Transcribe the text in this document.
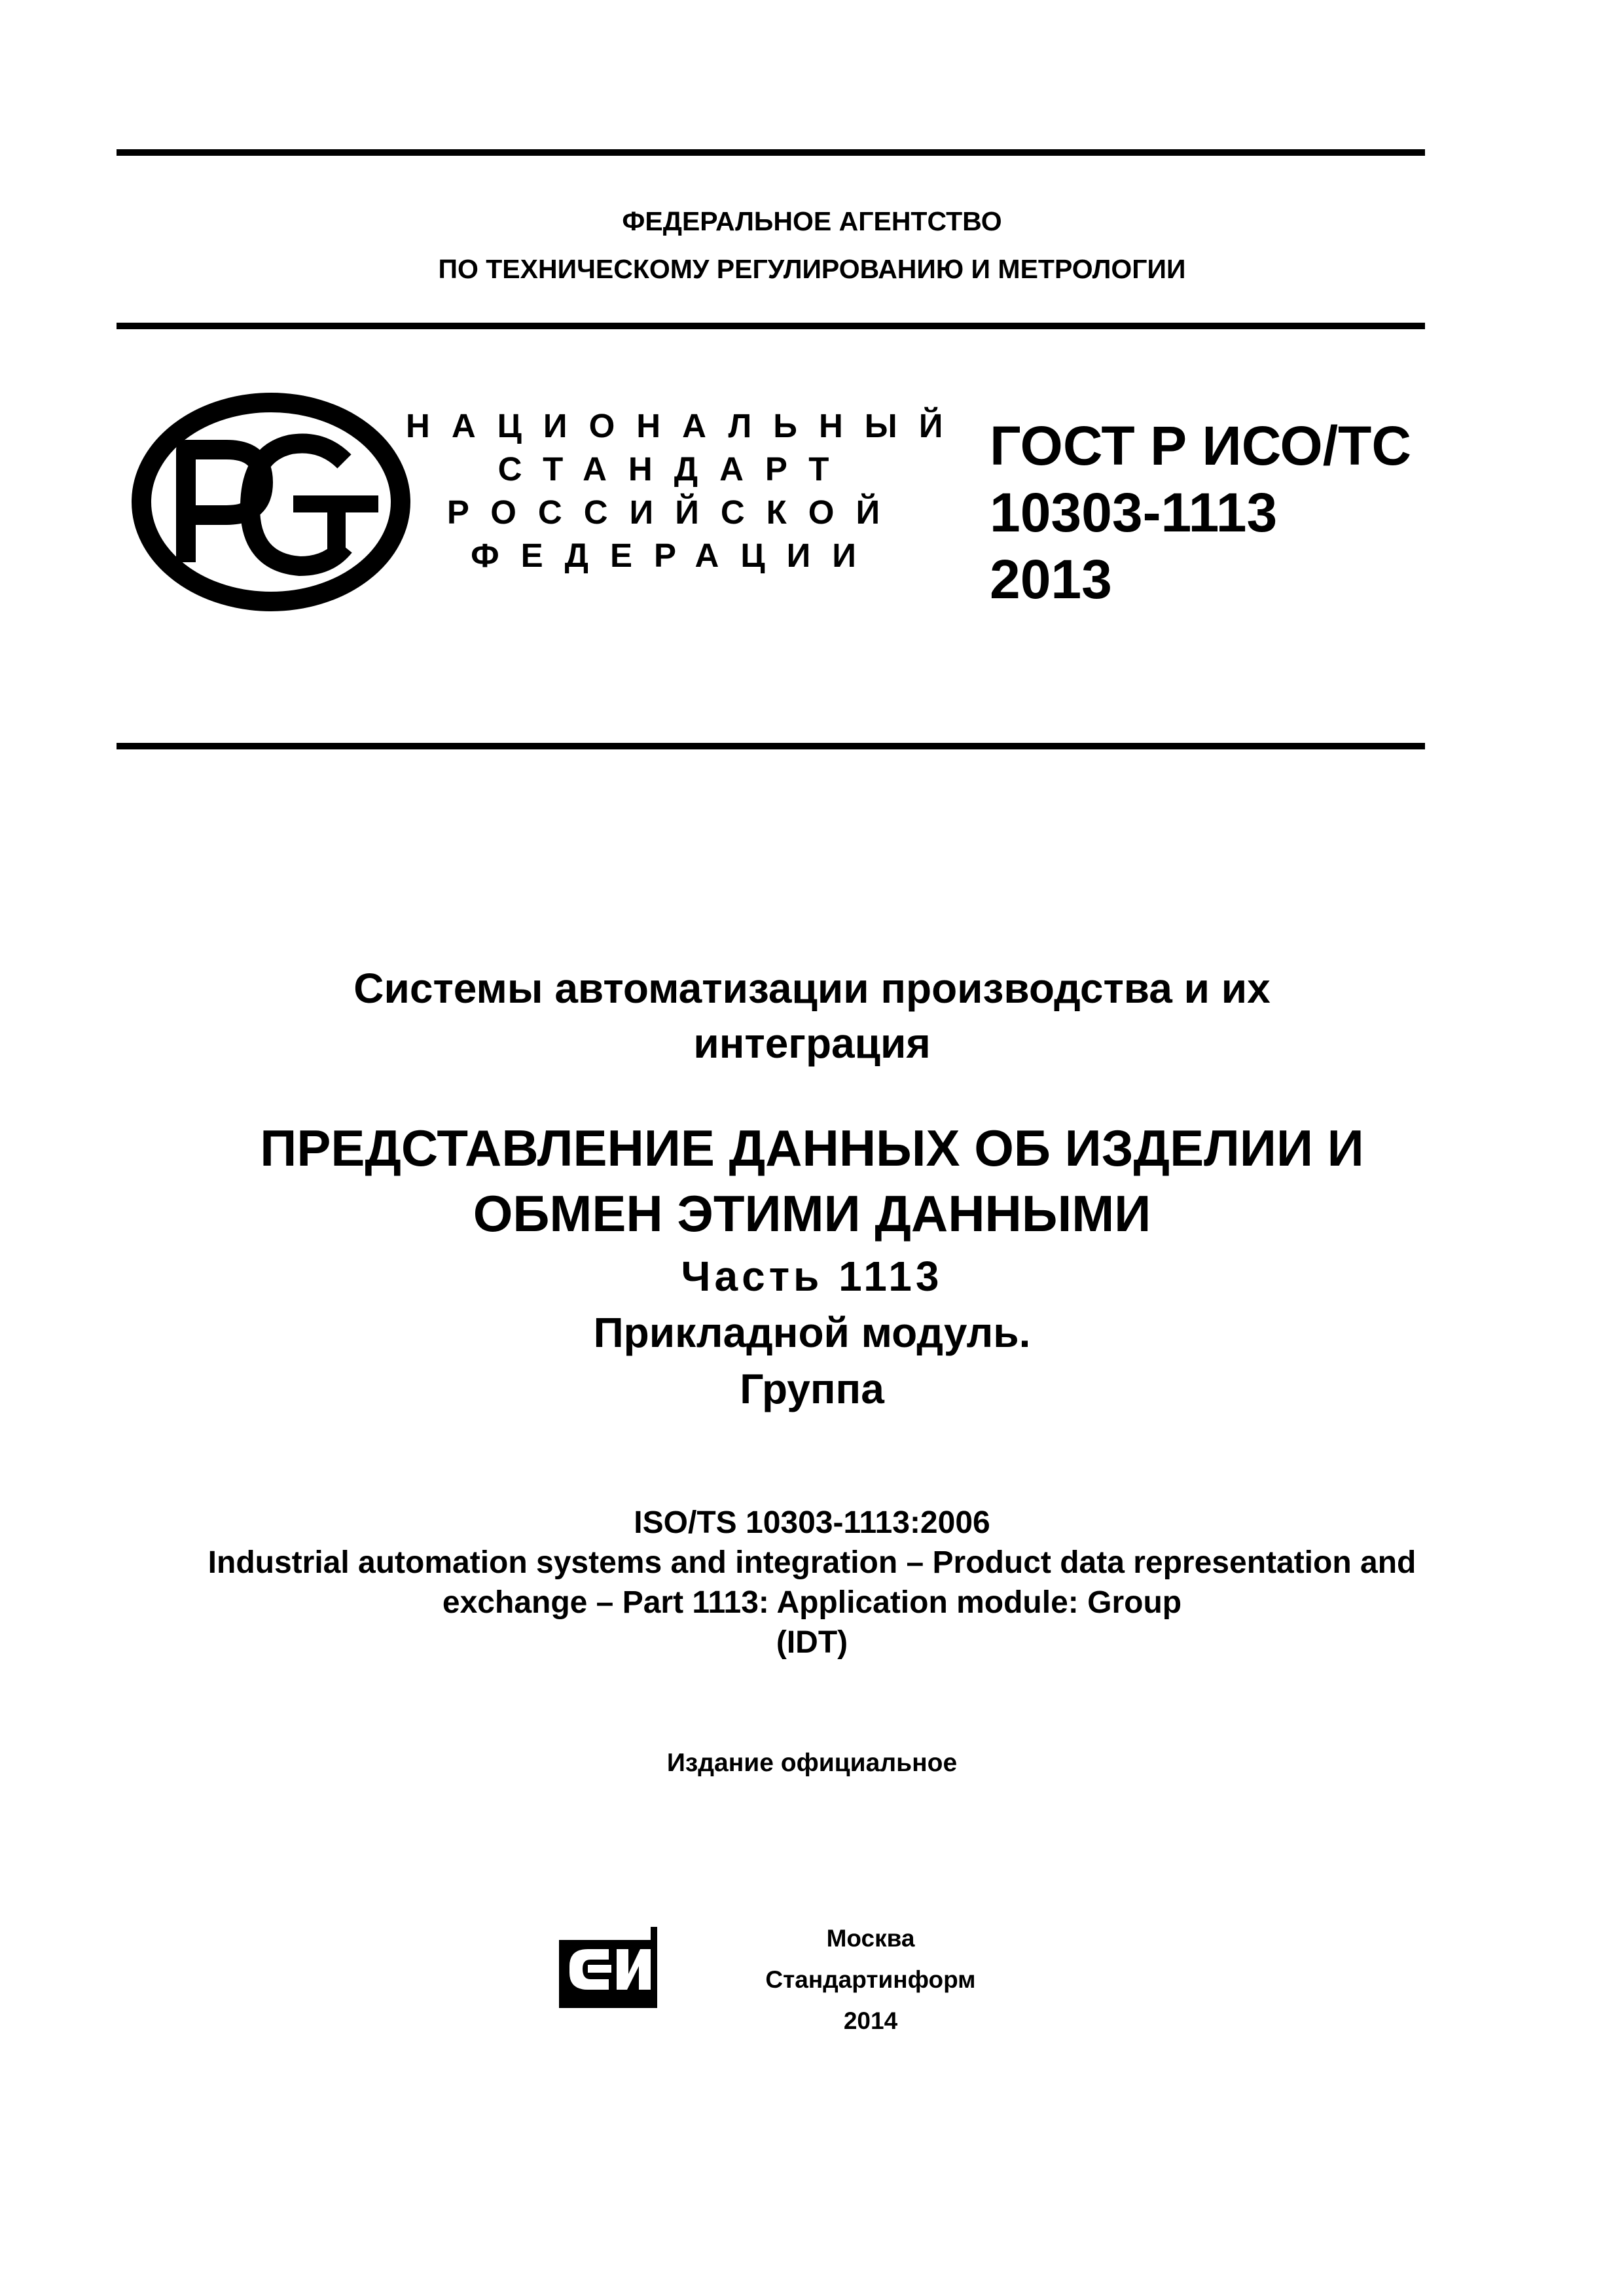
ФЕДЕРАЛЬНОЕ АГЕНТСТВО
ПО ТЕХНИЧЕСКОМУ РЕГУЛИРОВАНИЮ И МЕТРОЛОГИИ
НАЦИОНАЛЬНЫЙ
СТАНДАРТ
РОССИЙСКОЙ
ФЕДЕРАЦИИ
ГОСТ Р ИСО/ТС
10303-1113
2013
Системы автоматизации производства и их
интеграция
ПРЕДСТАВЛЕНИЕ ДАННЫХ ОБ ИЗДЕЛИИ И
ОБМЕН ЭТИМИ ДАННЫМИ
Часть 1113
Прикладной модуль.
Группа
ISO/TS 10303-1113:2006
Industrial automation systems and integration – Product data representation and
exchange – Part 1113: Application module: Group
(IDT)
Издание официальное
Москва
Стандартинформ
2014
